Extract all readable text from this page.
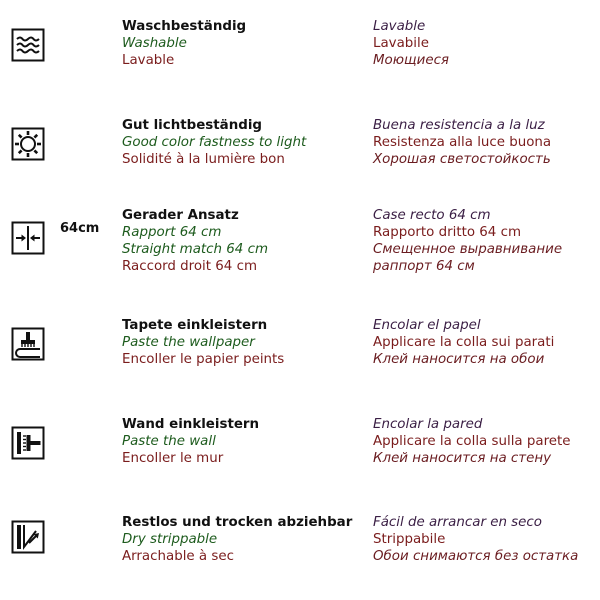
Waschbeständig
Washable
Lavable
Lavable
Lavabile
Моющиеся
Gut lichtbeständig
Good color fastness to light
Solidité à la lumière bon
Buena resistencia a la luz
Resistenza alla luce buona
Хорошая светостойкость
64cm
Gerader Ansatz
Rapport 64 cm
Straight match 64 cm
Raccord droit 64 cm
Case recto 64 cm
Rapporto dritto 64 cm
Смещенное выравнивание
раппорт 64 см
Tapete einkleistern
Paste the wallpaper
Encoller le papier peints
Encolar el papel
Applicare la colla sui parati
Клей наносится на обои
Wand einkleistern
Paste the wall
Encoller le mur
Encolar la pared
Applicare la colla sulla parete
Клей наносится на стену
Restlos und trocken abziehbar
Dry strippable
Arrachable à sec
Fácil de arrancar en seco
Strippabile
Обои снимаются без остатка
